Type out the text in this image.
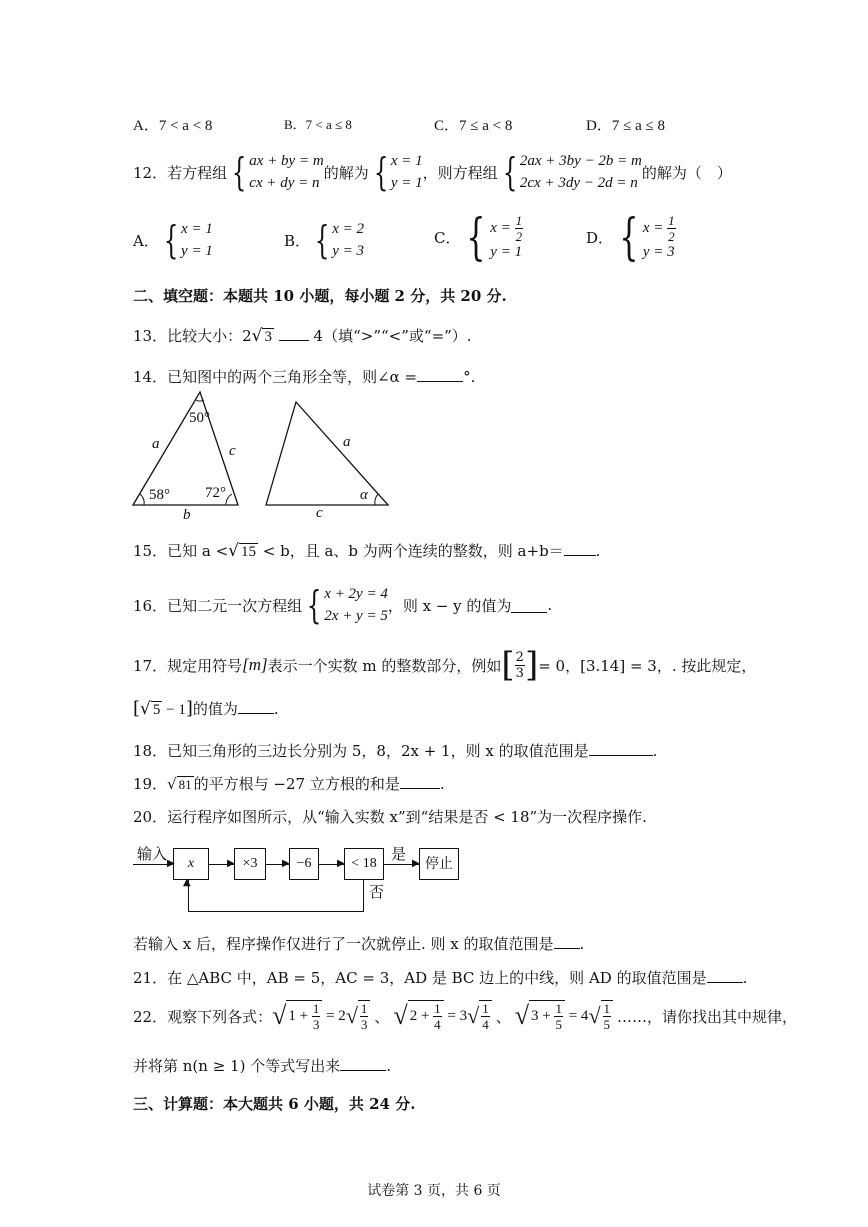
A．7 < a < 8	B．7 < a ≤ 8	C．7 ≤ a < 8	D．7 ≤ a ≤ 8
12．若方程组 { ax + by = m
cx + dy = n
的解为 { x = 1
y = 1
，则方程组 { 2ax + 3by − 2b = m
2cx + 3dy − 2d = n
的解为（　）
A． { x = 1
y = 1
B． { x = 2
y = 3
C． { $x = \frac{1}{2}$
y = 1
D． { $x = \frac{1}{2}$
y = 3
二、填空题：本题共 10 小题，每小题 2 分，共 20 分.
13．比较大小：2√ 3	4（填“>”“<”或“=”）.
14．已知图中的两个三角形全等，则∠α =	°.
50°
a	c
58° 72°
b
a
α
c
15．已知 a <√ 15 < b，且 a、b 为两个连续的整数，则 a+b＝ .
16．已知二元一次方程组 { x + 2y = 4
2x + y = 5
，则 x − y 的值为 .
17．规定用符号 [m] 表示一个实数 m 的整数部分，例如 [ $\frac{2}{3}$ ] = 0， [3.14] = 3，. 按此规定，
[√ 5 − 1]的值为 .
18．已知三角形的三边长分别为 5，8，2x + 1，则 x 的取值范围是	.
19．√ 81 的平方根与 −27 立方根的和是	.
20．运行程序如图所示，从“输入实数 x”到“结果是否 < 18”为一次程序操作.
输入
▶ x	▶ ×3	▶ −6	▶ < 18
是
▶ 停止
否
▲
若输入 x 后，程序操作仅进行了一次就停止. 则 x 的取值范围是 .
21．在 △ABC 中，AB = 5，AC = 3，AD 是 BC 边上的中线，则 AD 的取值范围是 .
22．观察下列各式： √ $1 + \frac{1}{3} = 2$ √ $\frac{1}{3}$ 、 √ $2 + \frac{1}{4} = 3$ √ $\frac{1}{4}$ 、 √ $3 + \frac{1}{5} = 4$ √ $\frac{1}{5}$ ……，请你找出其中规律，
并将第 n(n ≥ 1) 个等式写出来	.
三、计算题：本大题共 6 小题，共 24 分.
试卷第 3 页，共 6 页
